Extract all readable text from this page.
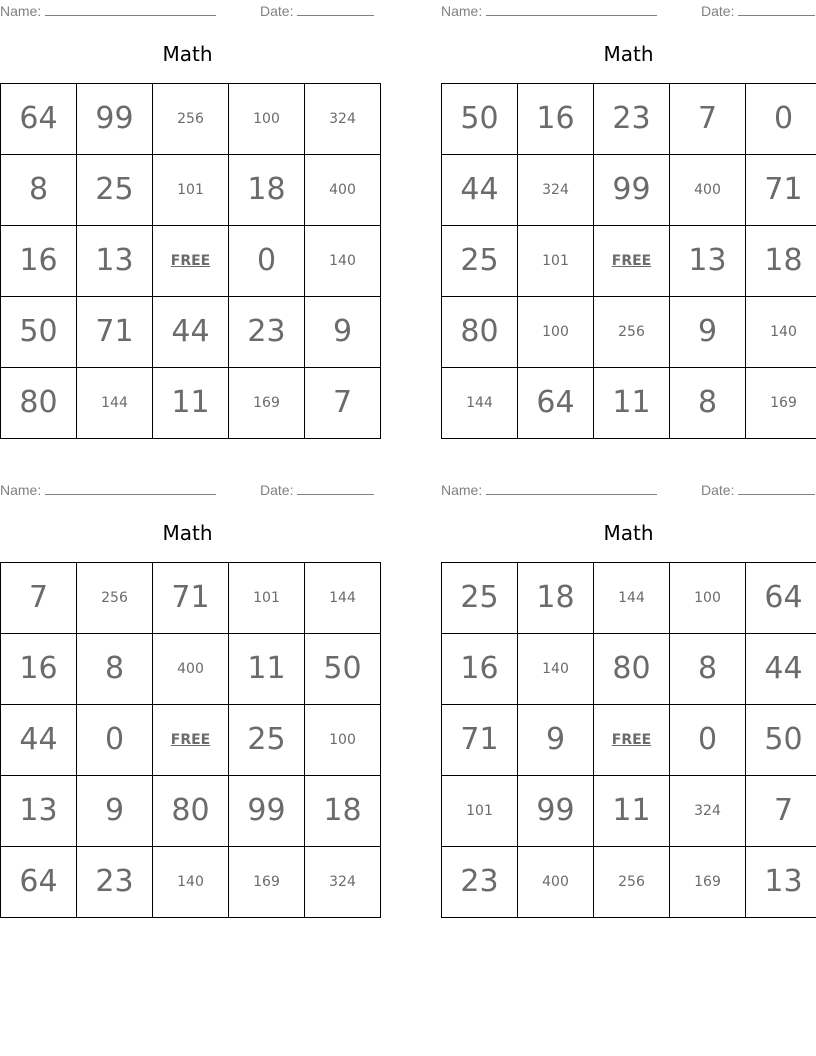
Name:	Date:
Math
64	99	256	100	324
8	25	101	18	400
16	13	FREE	0	140
50	71	44	23	9
80	144	11	169	7
Name:	Date:
Math
50	16	23	7	0
44	324	99	400	71
25	101	FREE	13	18
80	100	256	9	140
144	64	11	8	169
Name:	Date:
Math
7	256	71	101	144
16	8	400	11	50
44	0	FREE	25	100
13	9	80	99	18
64	23	140	169	324
Name:	Date:
Math
25	18	144	100	64
16	140	80	8	44
71	9	FREE	0	50
101	99	11	324	7
23	400	256	169	13
